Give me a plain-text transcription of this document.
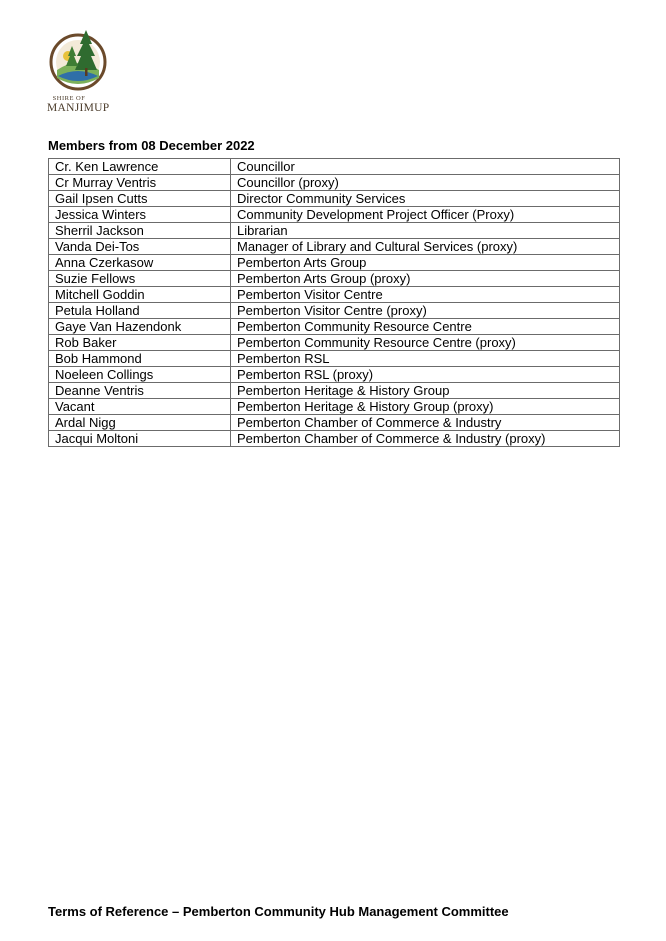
SHIRE OF
MANJIMUP
Members from 08 December 2022
Cr. Ken Lawrence	Councillor
Cr Murray Ventris	Councillor (proxy)
Gail Ipsen Cutts	Director Community Services
Jessica Winters	Community Development Project Officer (Proxy)
Sherril Jackson	Librarian
Vanda Dei-Tos	Manager of Library and Cultural Services (proxy)
Anna Czerkasow	Pemberton Arts Group
Suzie Fellows	Pemberton Arts Group (proxy)
Mitchell Goddin	Pemberton Visitor Centre
Petula Holland	Pemberton Visitor Centre (proxy)
Gaye Van Hazendonk	Pemberton Community Resource Centre
Rob Baker	Pemberton Community Resource Centre (proxy)
Bob Hammond	Pemberton RSL
Noeleen Collings	Pemberton RSL (proxy)
Deanne Ventris	Pemberton Heritage & History Group
Vacant	Pemberton Heritage & History Group (proxy)
Ardal Nigg	Pemberton Chamber of Commerce & Industry
Jacqui Moltoni	Pemberton Chamber of Commerce & Industry (proxy)
Terms of Reference – Pemberton Community Hub Management Committee
